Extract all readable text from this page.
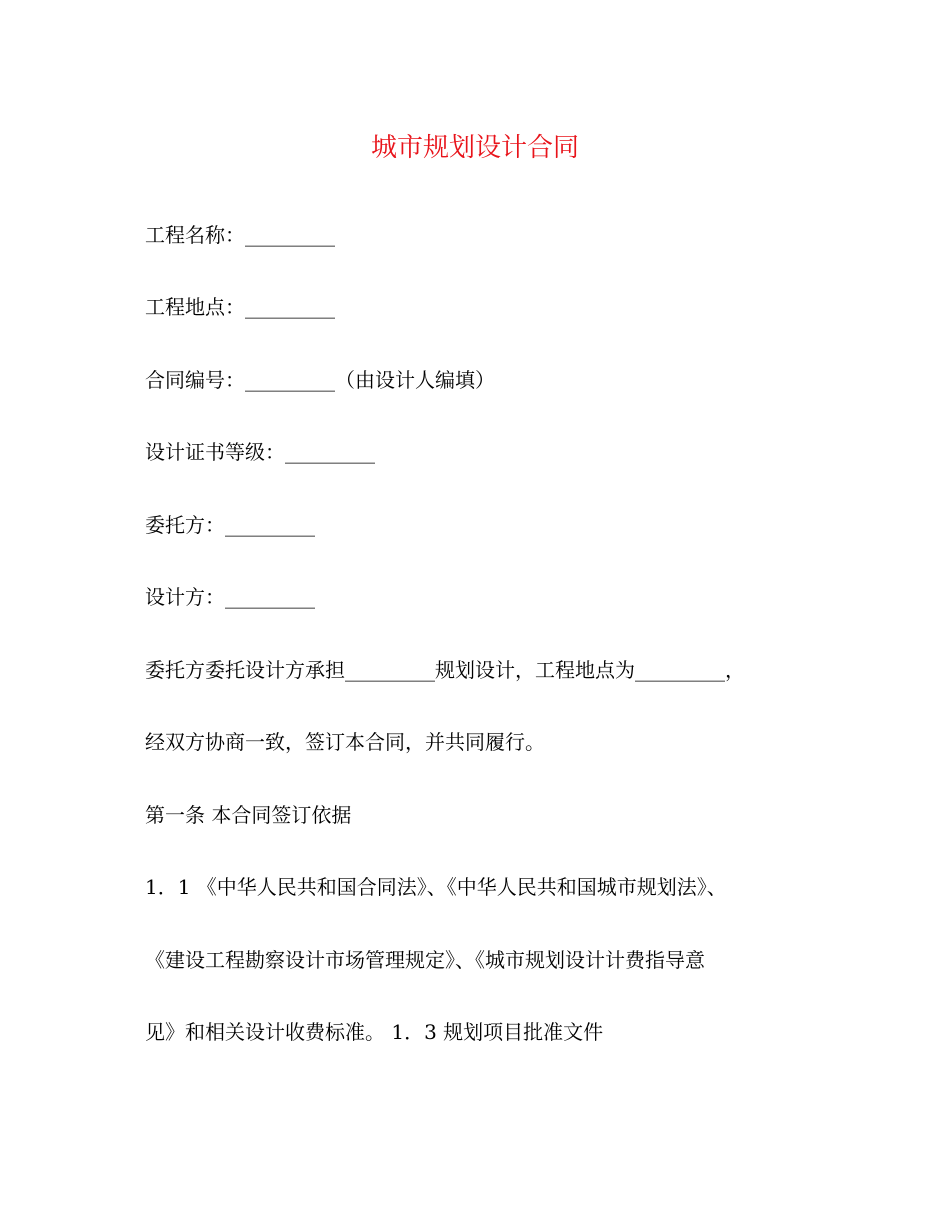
城市规划设计合同
工程名称：_________
工程地点：_________
合同编号：_________（由设计人编填）
设计证书等级：_________
委托方：_________
设计方：_________
委托方委托设计方承担_________规划设计，工程地点为_________，
经双方协商一致，签订本合同，并共同履行。
第一条 本合同签订依据
1．1 《中华人民共和国合同法》、《中华人民共和国城市规划法》、
《建设工程勘察设计市场管理规定》、《城市规划设计计费指导意
见》和相关设计收费标准。 1．3 规划项目批准文件
